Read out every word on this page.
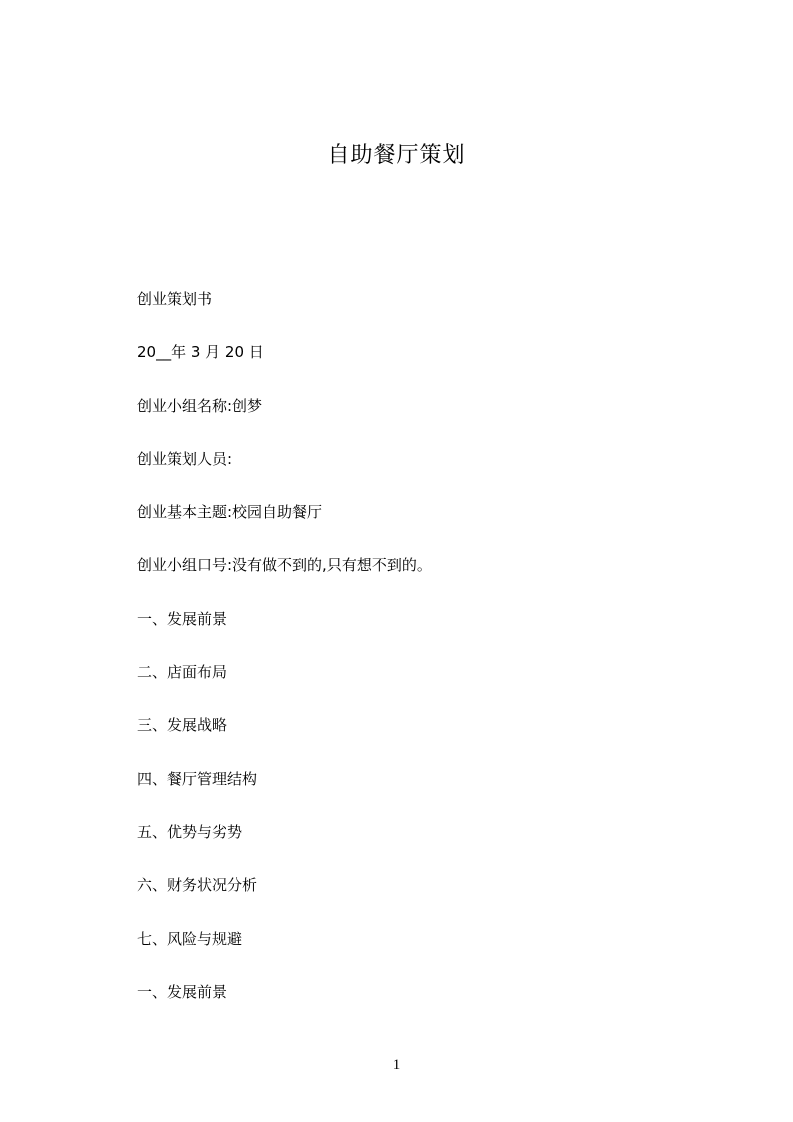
自助餐厅策划
创业策划书
20__年 3 月 20 日
创业小组名称:创梦
创业策划人员:
创业基本主题:校园自助餐厅
创业小组口号:没有做不到的,只有想不到的。
一、发展前景
二、店面布局
三、发展战略
四、餐厅管理结构
五、优势与劣势
六、财务状况分析
七、风险与规避
一、发展前景
1
